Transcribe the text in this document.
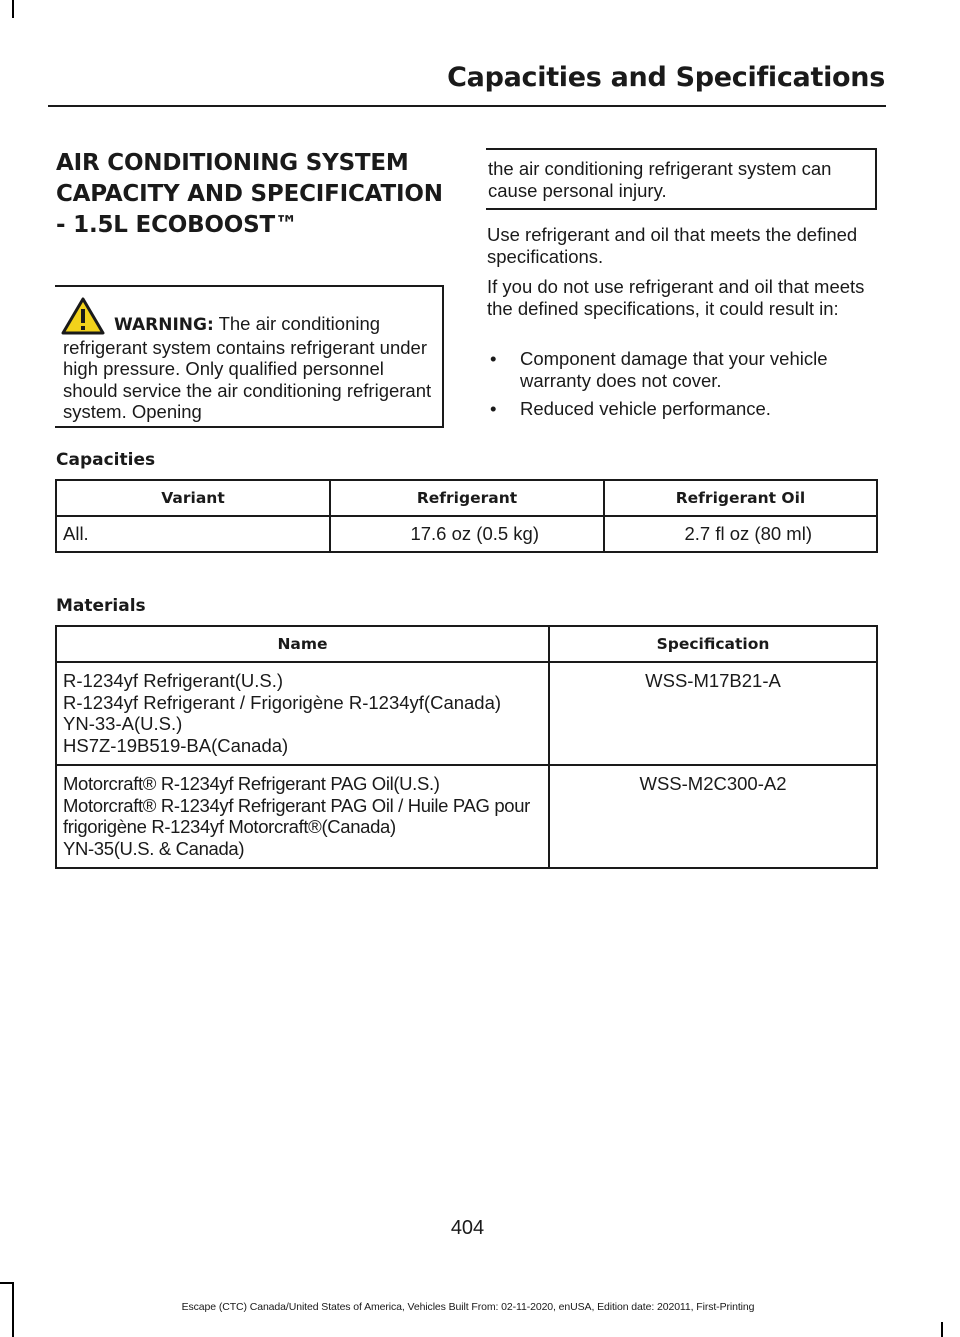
Capacities and Specifications
AIR CONDITIONING SYSTEM CAPACITY AND SPECIFICATION - 1.5L ECOBOOST™
WARNING: The air conditioning refrigerant system contains refrigerant under high pressure. Only qualified personnel should service the air conditioning refrigerant system. Opening
the air conditioning refrigerant system can cause personal injury.
Use refrigerant and oil that meets the defined specifications.
If you do not use refrigerant and oil that meets the defined specifications, it could result in:
• Component damage that your vehicle warranty does not cover.
• Reduced vehicle performance.
Capacities
Variant	Refrigerant	Refrigerant Oil
All.	17.6 oz (0.5 kg)	2.7 fl oz (80 ml)
Materials
Name	Specification
R-1234yf Refrigerant(U.S.)
R-1234yf Refrigerant / Frigorigène R-1234yf(Canada)
YN-33-A(U.S.)
HS7Z-19B519-BA(Canada)	WSS-M17B21-A
Motorcraft® R-1234yf Refrigerant PAG Oil(U.S.)
Motorcraft® R-1234yf Refrigerant PAG Oil / Huile PAG pour frigorigène R-1234yf Motorcraft®(Canada)
YN-35(U.S. & Canada)	WSS-M2C300-A2
404
Escape (CTC) Canada/United States of America, Vehicles Built From: 02-11-2020, enUSA, Edition date: 202011, First-Printing
